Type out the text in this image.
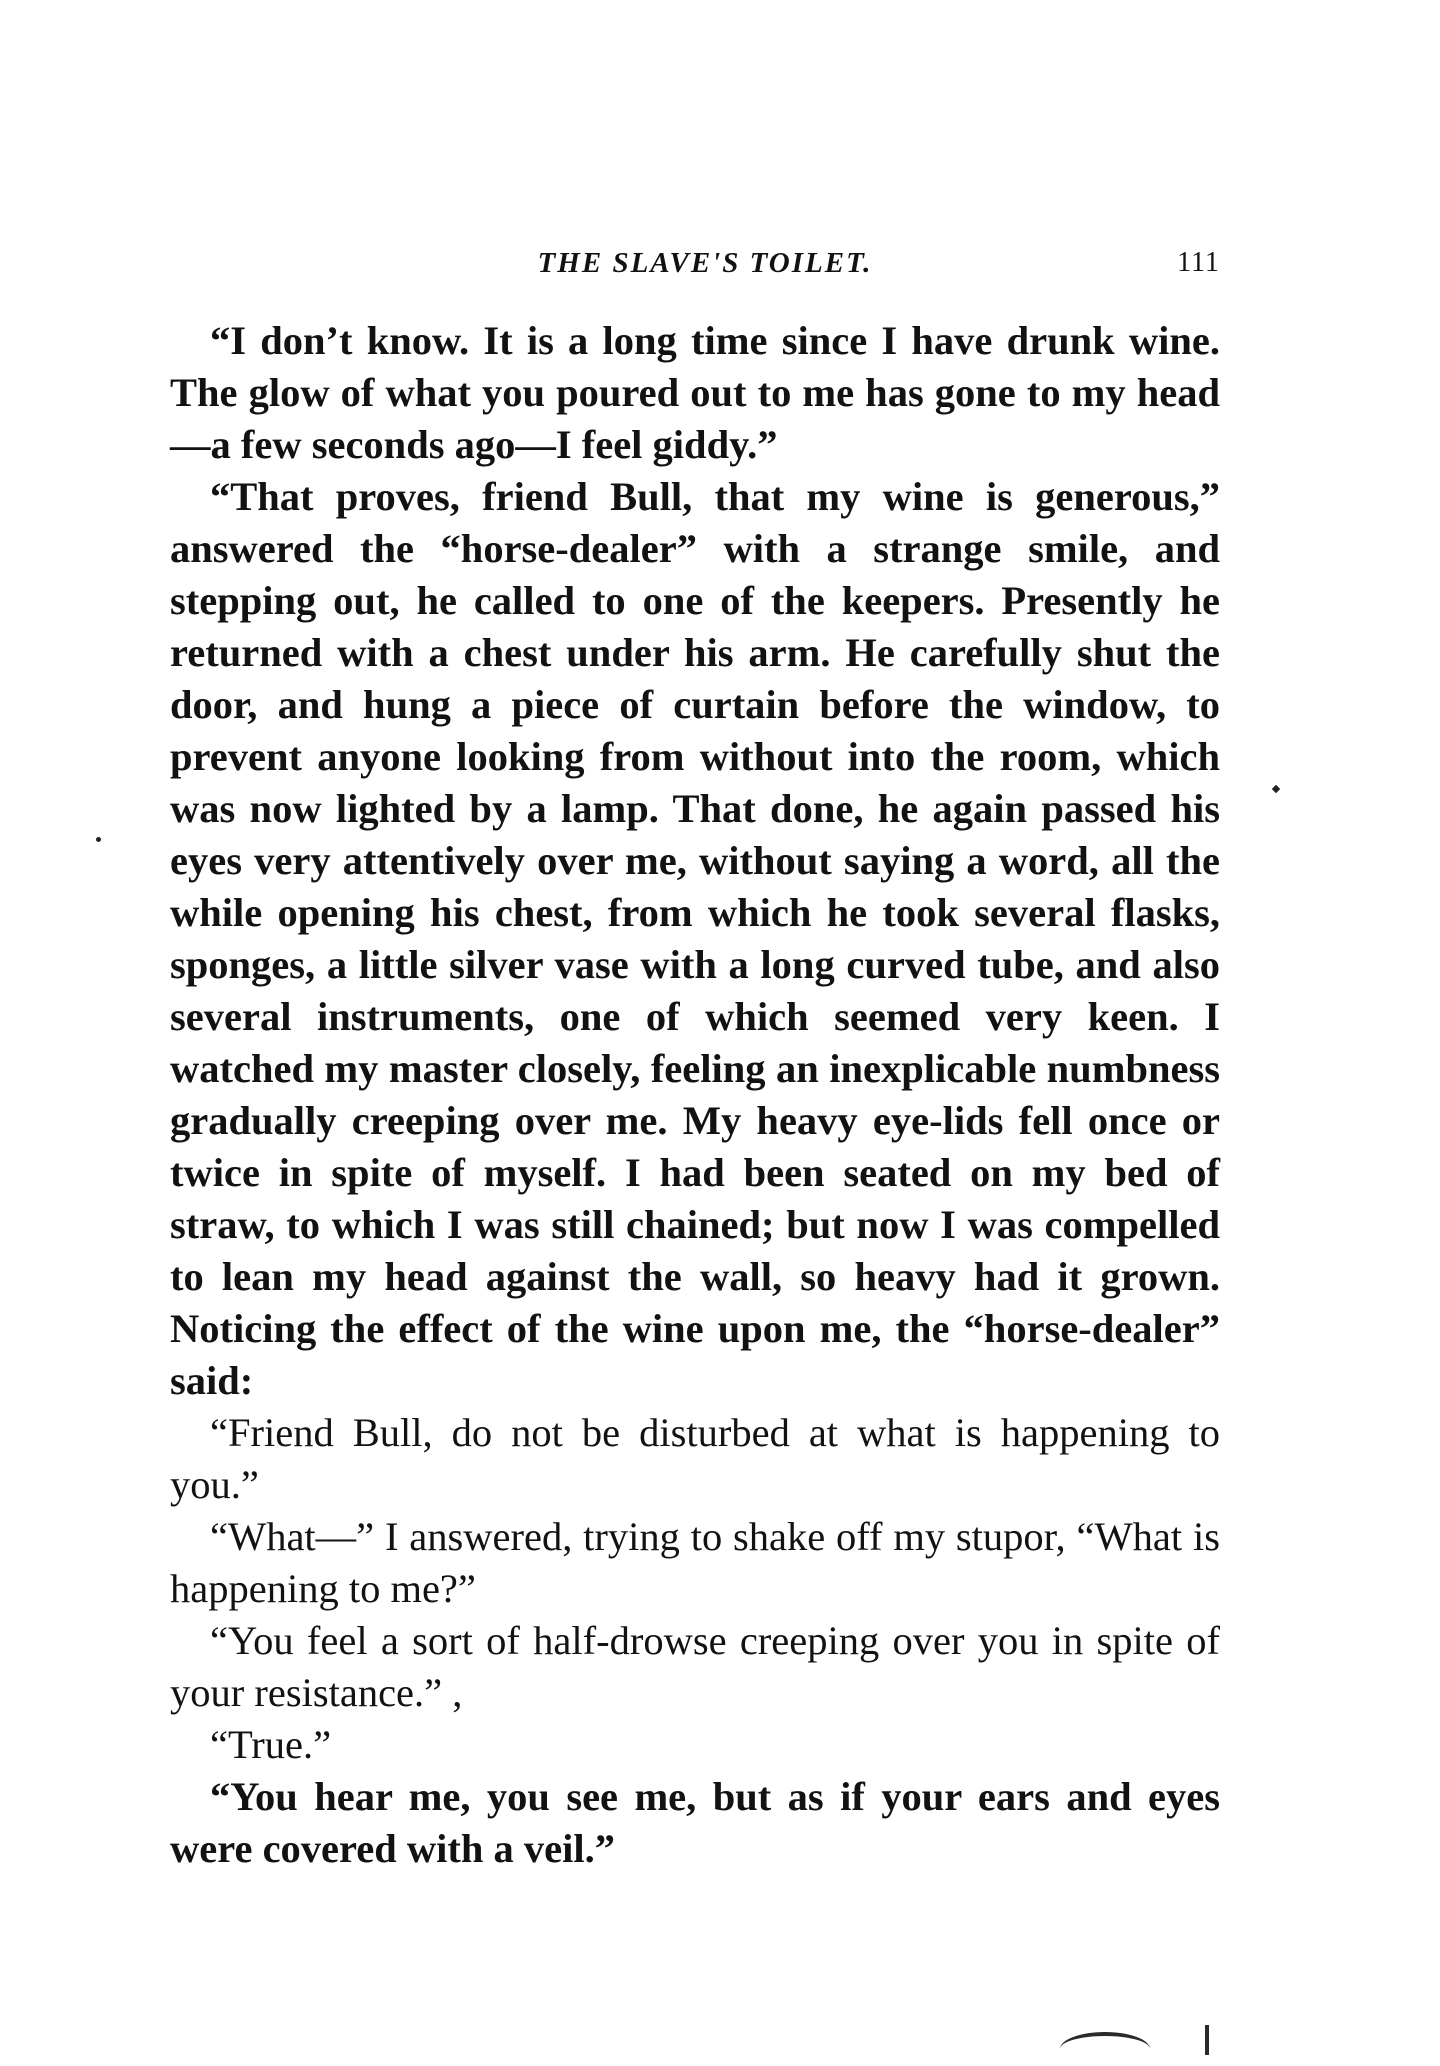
THE SLAVE'S TOILET.	111

“I don’t know. It is a long time since I have drunk wine. The glow of what you poured out to me has gone to my head—a few seconds ago—I feel giddy.”

“That proves, friend Bull, that my wine is generous,” answered the “horse-dealer” with a strange smile, and stepping out, he called to one of the keepers. Presently he returned with a chest under his arm. He carefully shut the door, and hung a piece of curtain before the window, to prevent anyone looking from without into the room, which was now lighted by a lamp. That done, he again passed his eyes very attentively over me, without saying a word, all the while opening his chest, from which he took several flasks, sponges, a little silver vase with a long curved tube, and also several instruments, one of which seemed very keen. I watched my master closely, feeling an inexplicable numbness gradually creeping over me. My heavy eye-lids fell once or twice in spite of myself. I had been seated on my bed of straw, to which I was still chained; but now I was compelled to lean my head against the wall, so heavy had it grown. Noticing the effect of the wine upon me, the “horse-dealer” said:

“Friend Bull, do not be disturbed at what is happening to you.”

“What—” I answered, trying to shake off my stupor, “What is happening to me?”

“You feel a sort of half-drowse creeping over you in spite of your resistance.” ,

“True.”

“You hear me, you see me, but as if your ears and eyes were covered with a veil.”
